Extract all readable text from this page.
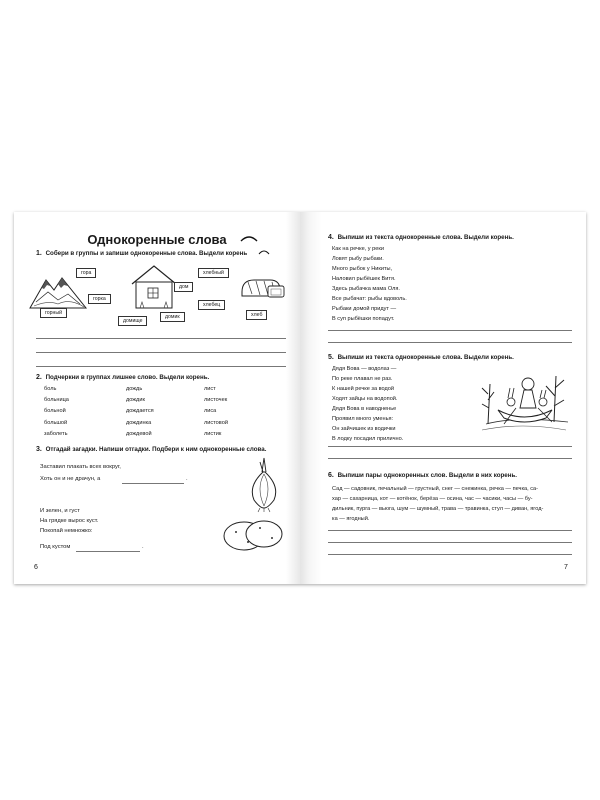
Однокоренные слова
1. Собери в группы и запиши однокоренные слова. Выдели корень
гора
горка
горный
хлебный
дом
хлебец
домик
домище
хлеб
2. Подчеркни в группах лишнее слово. Выдели корень.
боль
больница
больной
большой
заболеть
дождь
дождик
дождается
дождинка
дождевой
лист
листочек
лиса
листовой
листик
3. Отгадай загадки. Напиши отгадки. Подбери к ним однокоренные слова.
Заставил плакать всех вокруг,
Хоть он и не драчун, а	.
И зелен, и густ
На грядке вырос куст.
Покопай немножко:
Под кустом	.
6
4. Выпиши из текста однокоренные слова. Выдели корень.
Как на речке, у реки
Ловят рыбу рыбаки.
Много рыбок у Никиты,
Наловил рыбёшек Витя.
Здесь рыбачка мама Оля.
Все рыбачат: рыбы вдоволь.
Рыбаки домой придут —
В суп рыбёшки попадут.
5. Выпиши из текста однокоренные слова. Выдели корень.
Дядя Вова — водолаз —
По реке плавал не раз.
К нашей речке за водой
Ходят зайцы на водопой.
Дядя Вова в наводненье
Проявил много уменья:
Он зайчишек из водички
В лодку посадил прилично.
6. Выпиши пары однокоренных слов. Выдели в них корень.
Сад — садовник, печальный — грустный, снег — снежинка, речка — печка, са-
хар — сахарница, кот — котёнок, берёза — осина, час — часики, часы — бу-
дильник, пурга — вьюга, шум — шумный, трава — травинка, стул — диван, ягод-
ка — ягодный.
7
